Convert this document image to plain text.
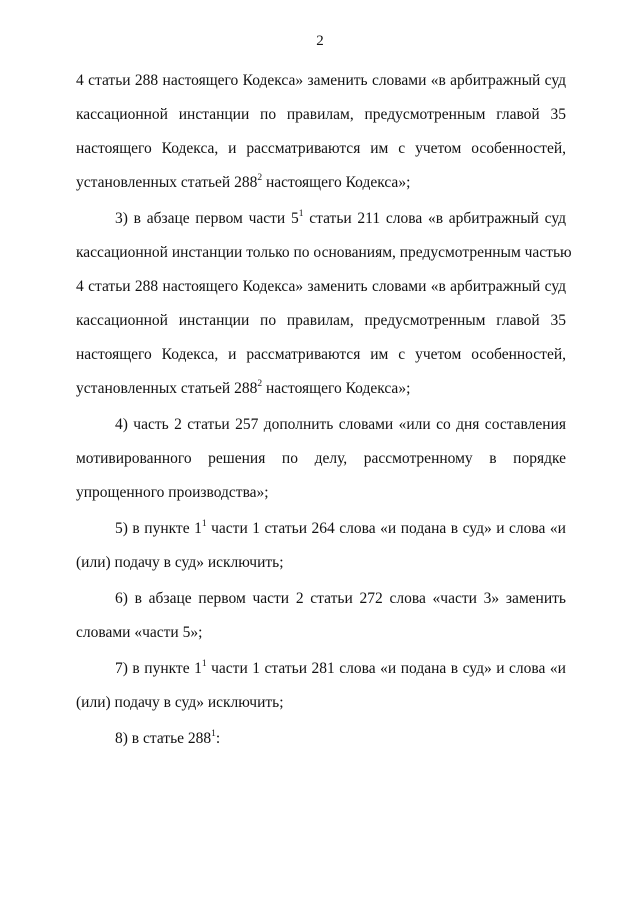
2
4 статьи 288 настоящего Кодекса» заменить словами «в арбитражный суд
кассационной инстанции по правилам, предусмотренным главой 35
настоящего Кодекса, и рассматриваются им с учетом особенностей,
установленных статьей $288^2$ настоящего Кодекса»;
3) в абзаце первом части $5^1$ статьи 211 слова «в арбитражный суд
кассационной инстанции только по основаниям, предусмотренным частью
4 статьи 288 настоящего Кодекса» заменить словами «в арбитражный суд
кассационной инстанции по правилам, предусмотренным главой 35
настоящего Кодекса, и рассматриваются им с учетом особенностей,
установленных статьей $288^2$ настоящего Кодекса»;
4) часть 2 статьи 257 дополнить словами «или со дня составления
мотивированного решения по делу, рассмотренному в порядке
упрощенного производства»;
5) в пункте $1^1$ части 1 статьи 264 слова «и подана в суд» и слова «и
(или) подачу в суд» исключить;
6) в абзаце первом части 2 статьи 272 слова «части 3» заменить
словами «части 5»;
7) в пункте $1^1$ части 1 статьи 281 слова «и подана в суд» и слова «и
(или) подачу в суд» исключить;
8) в статье $288^1$:
